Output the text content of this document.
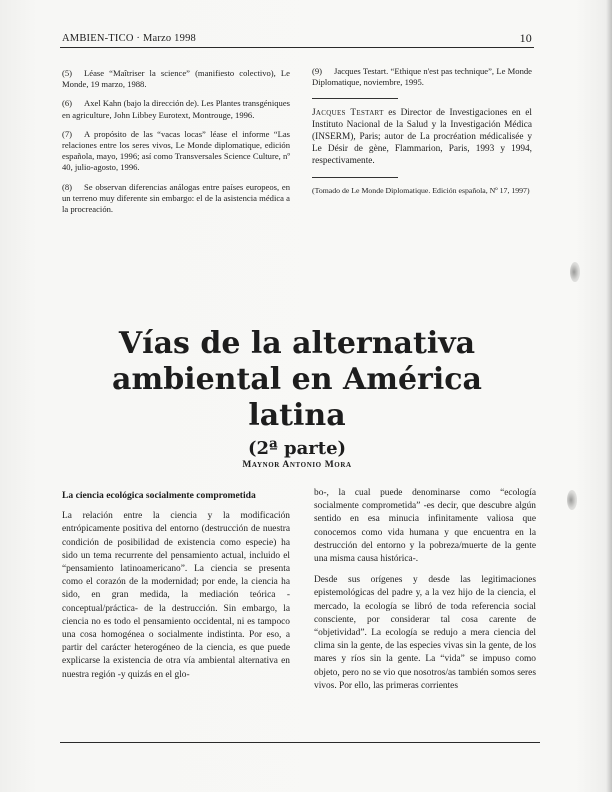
AMBIEN-TICO · Marzo 1998	10

(5) Léase “Maîtriser la science” (manifiesto colectivo), Le Monde, 19 marzo, 1988.

(6) Axel Kahn (bajo la dirección de). Les Plantes transgéniques en agriculture, John Libbey Eurotext, Montrouge, 1996.

(7) A propósito de las “vacas locas” léase el informe “Las relaciones entre los seres vivos, Le Monde diplomatique, edición española, mayo, 1996; así como Transversales Science Culture, nº 40, julio-agosto, 1996.

(8) Se observan diferencias análogas entre países europeos, en un terreno muy diferente sin embargo: el de la asistencia médica a la procreación.

(9) Jacques Testart. “Ethique n'est pas technique”, Le Monde Diplomatique, noviembre, 1995.

Jacques Testart es Director de Investigaciones en el Instituto Nacional de la Salud y la Investigación Médica (INSERM), Paris; autor de La procréation médicalisée y Le Désir de gène, Flammarion, Paris, 1993 y 1994, respectivamente.

(Tomado de Le Monde Diplomatique. Edición española, Nº 17, 1997)

Vías de la alternativa
ambiental en América latina
(2ª parte)
Maynor Antonio Mora
La ciencia ecológica socialmente comprometida

La relación entre la ciencia y la modificación entrópicamente positiva del entorno (destrucción de nuestra condición de posibilidad de existencia como especie) ha sido un tema recurrente del pensamiento actual, incluido el “pensamiento latinoamericano”. La ciencia se presenta como el corazón de la modernidad; por ende, la ciencia ha sido, en gran medida, la mediación teórica -conceptual/práctica- de la destrucción. Sin embargo, la ciencia no es todo el pensamiento occidental, ni es tampoco una cosa homogénea o socialmente indistinta. Por eso, a partir del carácter heterogéneo de la ciencia, es que puede explicarse la existencia de otra vía ambiental alternativa en nuestra región -y quizás en el glo-

bo-, la cual puede denominarse como “ecología socialmente comprometida” -es decir, que descubre algún sentido en esa minucia infinitamente valiosa que conocemos como vida humana y que encuentra en la destrucción del entorno y la pobreza/muerte de la gente una misma causa histórica-.

Desde sus orígenes y desde las legitimaciones epistemológicas del padre y, a la vez hijo de la ciencia, el mercado, la ecología se libró de toda referencia social consciente, por considerar tal cosa carente de “objetividad”. La ecología se redujo a mera ciencia del clima sin la gente, de las especies vivas sin la gente, de los mares y ríos sin la gente. La “vida” se impuso como objeto, pero no se vio que nosotros/as también somos seres vivos. Por ello, las primeras corrientes
